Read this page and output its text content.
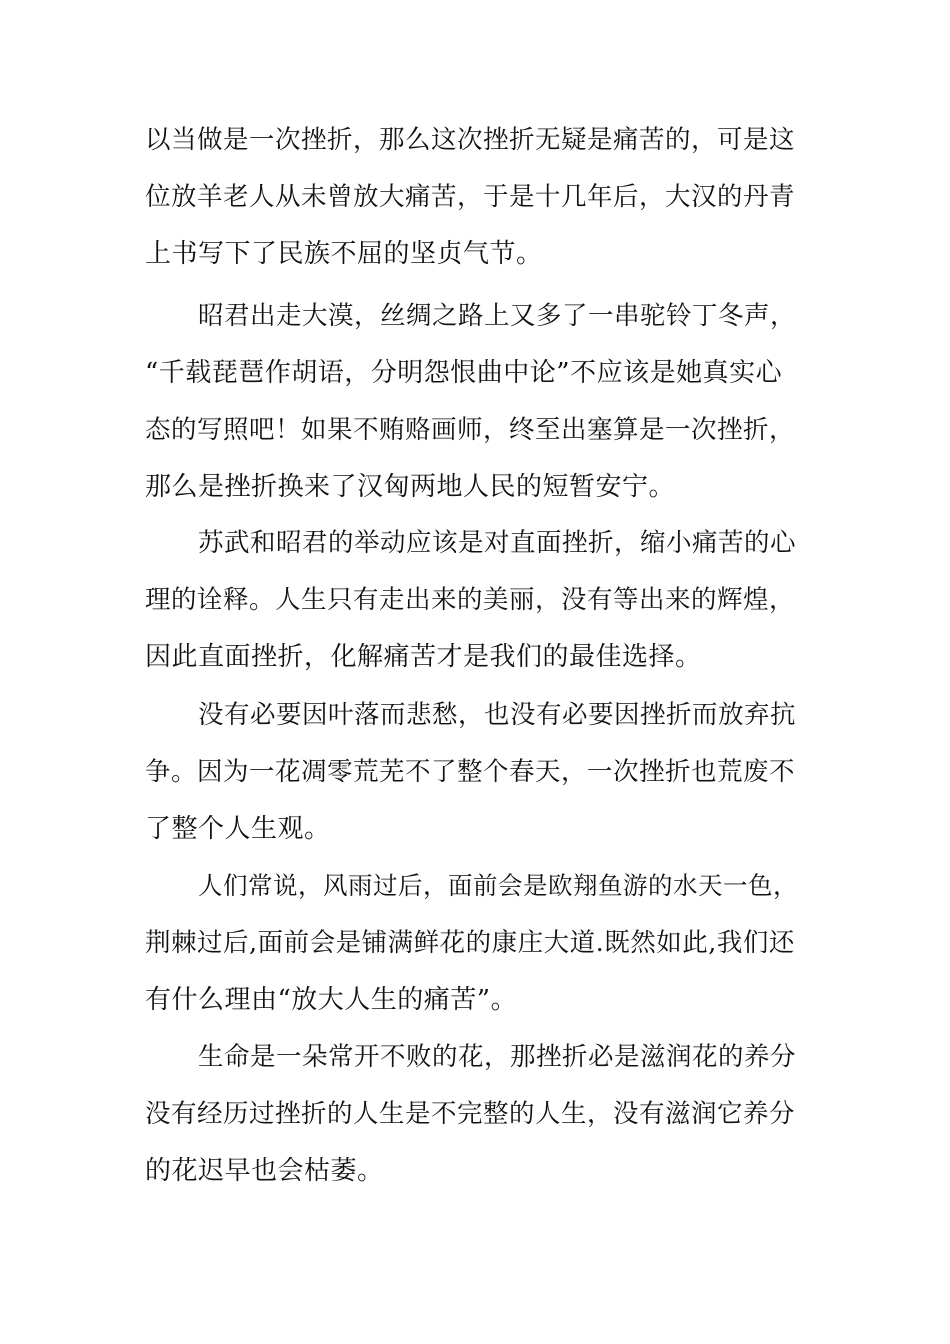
以当做是一次挫折，那么这次挫折无疑是痛苦的，可是这
位放羊老人从未曾放大痛苦，于是十几年后，大汉的丹青
上书写下了民族不屈的坚贞气节。
昭君出走大漠，丝绸之路上又多了一串驼铃丁冬声，
“千载琵琶作胡语，分明怨恨曲中论”不应该是她真实心
态的写照吧！如果不贿赂画师，终至出塞算是一次挫折，
那么是挫折换来了汉匈两地人民的短暂安宁。
苏武和昭君的举动应该是对直面挫折，缩小痛苦的心
理的诠释。人生只有走出来的美丽，没有等出来的辉煌，
因此直面挫折，化解痛苦才是我们的最佳选择。
没有必要因叶落而悲愁，也没有必要因挫折而放弃抗
争。因为一花凋零荒芜不了整个春天，一次挫折也荒废不
了整个人生观。
人们常说，风雨过后，面前会是欧翔鱼游的水天一色，
荆棘过后,面前会是铺满鲜花的康庄大道.既然如此,我们还
有什么理由“放大人生的痛苦”。
生命是一朵常开不败的花，那挫折必是滋润花的养分
没有经历过挫折的人生是不完整的人生，没有滋润它养分
的花迟早也会枯萎。
